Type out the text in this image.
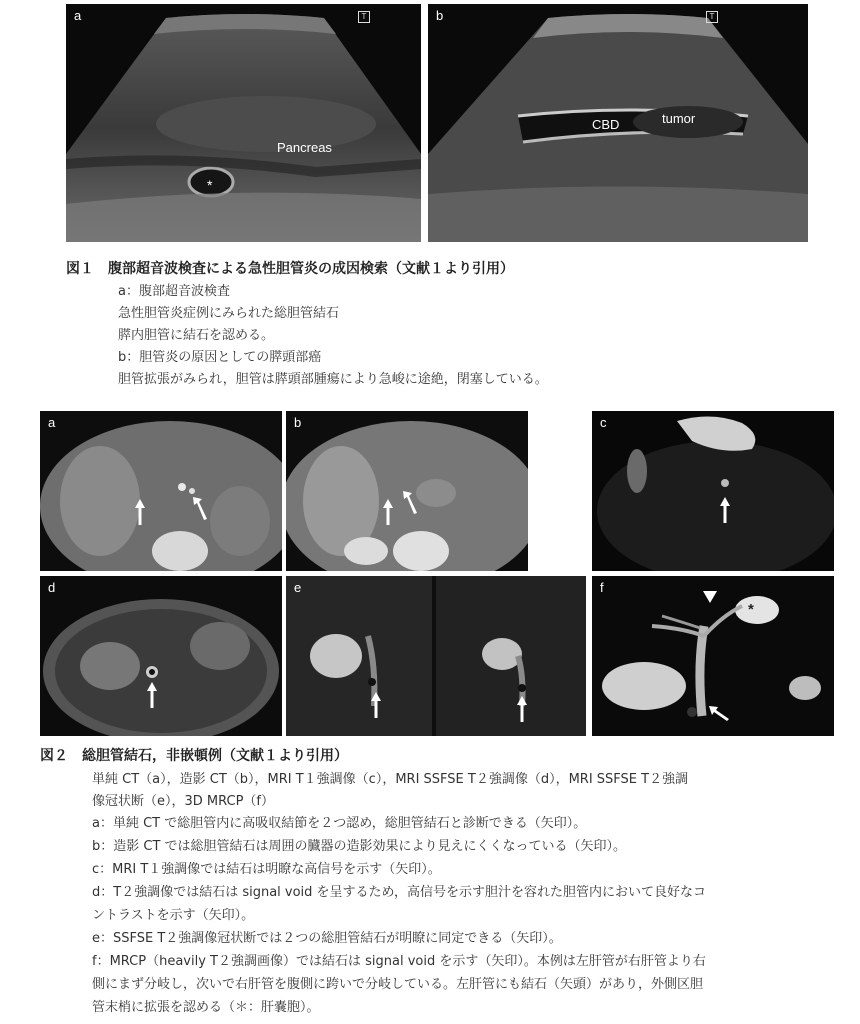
a	T
Pancreas
*
b	T
CBD	tumor
図１　腹部超音波検査による急性胆管炎の成因検索（文献１より引用）
a：腹部超音波検査
急性胆管炎症例にみられた総胆管結石
膵内胆管に結石を認める。
b：胆管炎の原因としての膵頭部癌
胆管拡張がみられ，胆管は膵頭部腫瘍により急峻に途絶，閉塞している。
a	b	c
d	e	f
*
図２　総胆管結石，非嵌頓例（文献１より引用）
単純 CT（a），造影 CT（b），MRI T１強調像（c），MRI SSFSE T２強調像（d），MRI SSFSE T２強調
像冠状断（e），3D MRCP（f）
a：単純 CT で総胆管内に高吸収結節を２つ認め，総胆管結石と診断できる（矢印）。
b：造影 CT では総胆管結石は周囲の臓器の造影効果により見えにくくなっている（矢印）。
c：MRI T１強調像では結石は明瞭な高信号を示す（矢印）。
d：T２強調像では結石は signal void を呈するため，高信号を示す胆汁を容れた胆管内において良好なコ
ントラストを示す（矢印）。
e：SSFSE T２強調像冠状断では２つの総胆管結石が明瞭に同定できる（矢印）。
f：MRCP（heavily T２強調画像）では結石は signal void を示す（矢印）。本例は左肝管が右肝管より右
側にまず分岐し，次いで右肝管を腹側に跨いで分岐している。左肝管にも結石（矢頭）があり，外側区胆
管末梢に拡張を認める（＊：肝嚢胞）。
